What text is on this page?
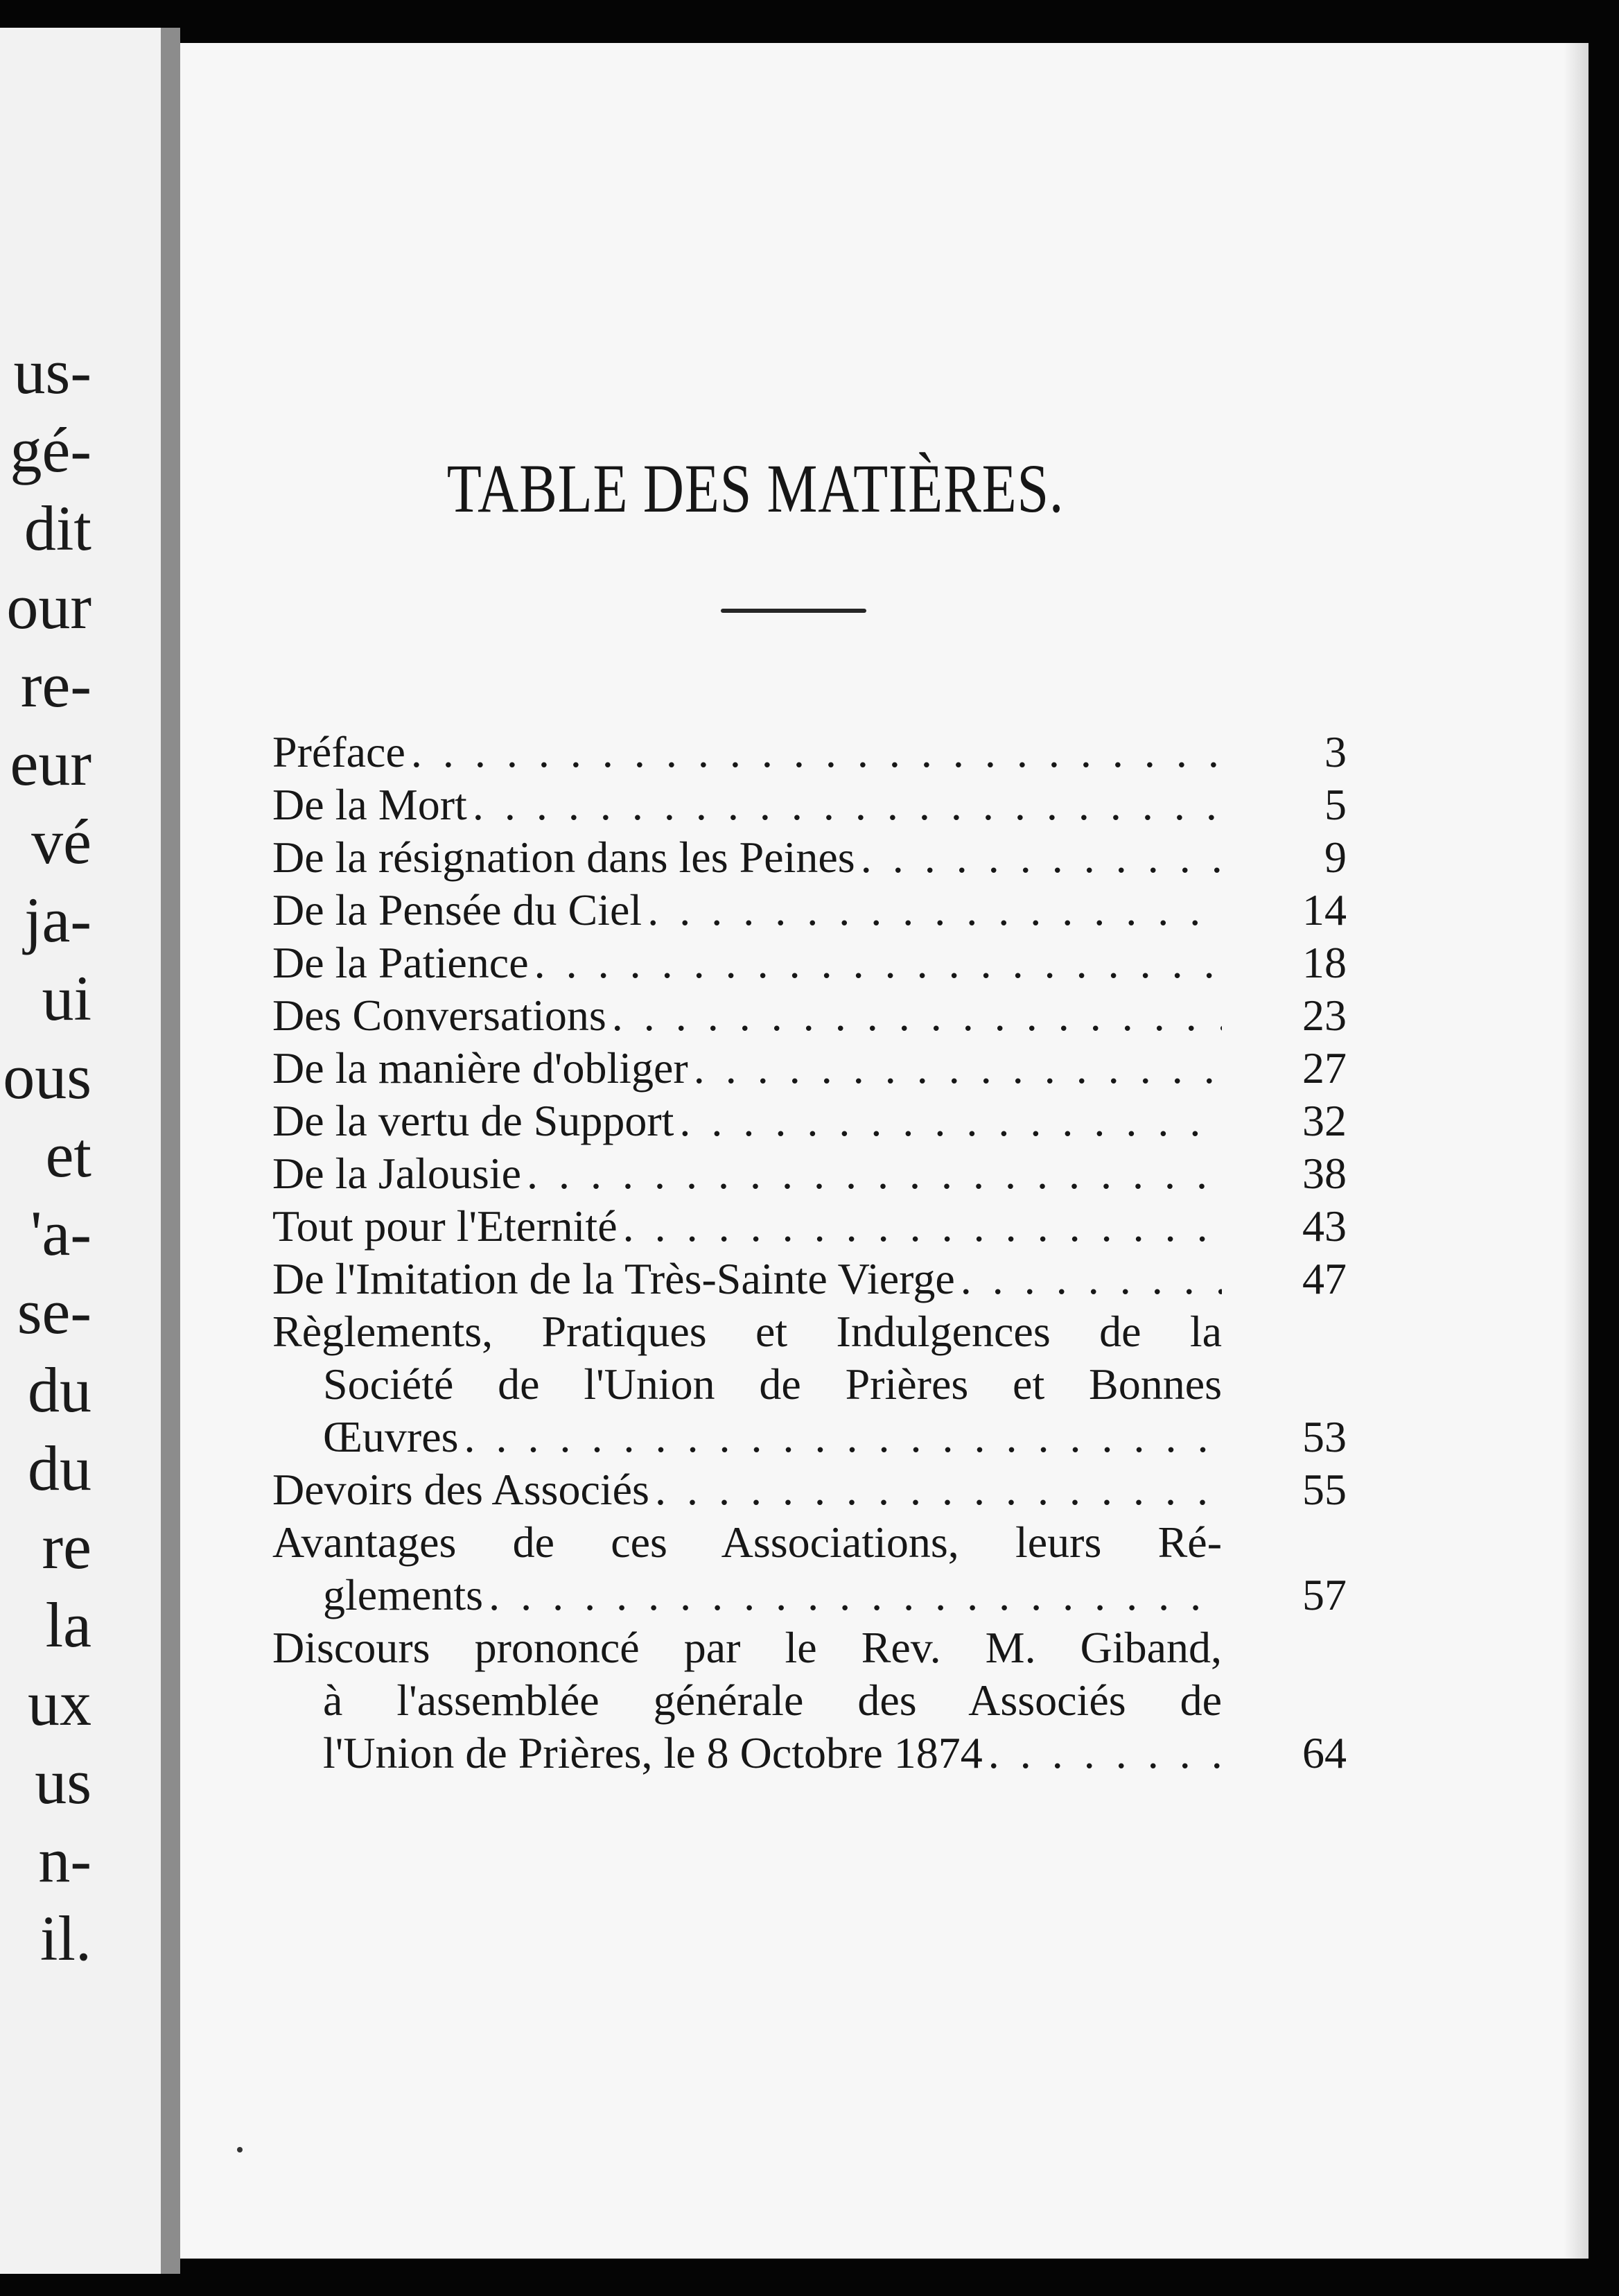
us-
gé-
dit
our
re-
eur
vé
ja-
ui
ous
et
'a-
se-
du
du
re
la
ux
us
n-
il.
TABLE DES MATIÈRES.
Préface . . .	3
De la Mort . . .	5
De la résignation dans les Peines . . .	9
De la Pensée du Ciel . . .	14
De la Patience . . .	18
Des Conversations . . .	23
De la manière d'obliger . . .	27
De la vertu de Support . . .	32
De la Jalousie . . .	38
Tout pour l'Eternité . . .	43
De l'Imitation de la Très-Sainte Vierge . . .	47
Règlements, Pratiques et Indulgences de la
Société de l'Union de Prières et Bonnes
Œuvres . . .	53
Devoirs des Associés . . .	55
Avantages de ces Associations, leurs Ré-
glements . . .	57
Discours prononcé par le Rev. M. Giband,
à l'assemblée générale des Associés de
l'Union de Prières, le 8 Octobre 1874 . . .	64
